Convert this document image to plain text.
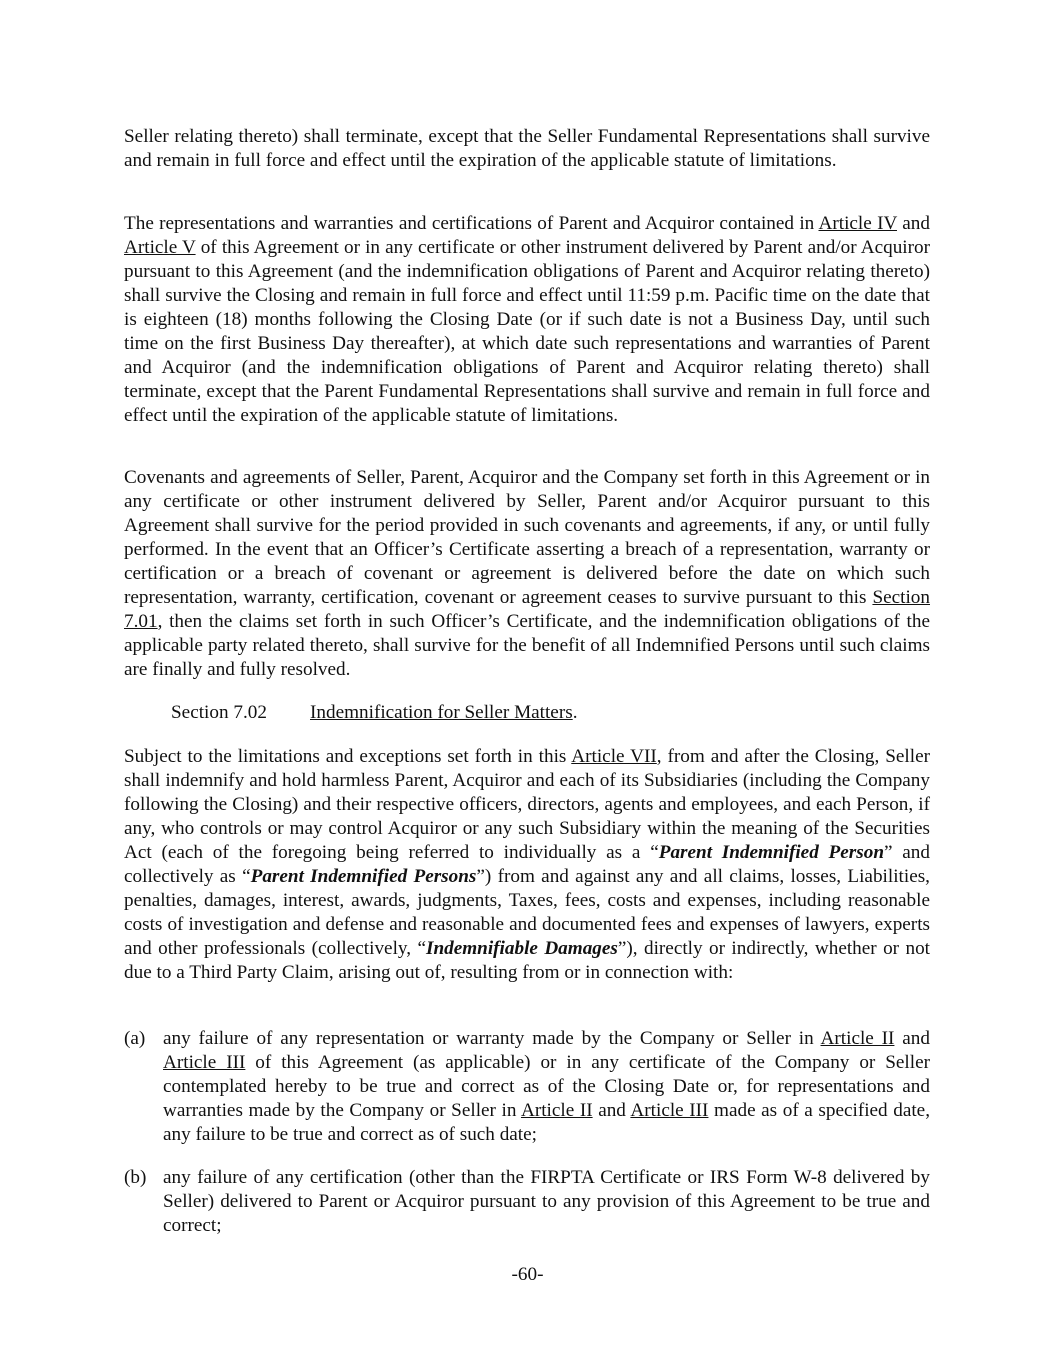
Seller relating thereto) shall terminate, except that the Seller Fundamental Representations shall survive and remain in full force and effect until the expiration of the applicable statute of limitations.

The representations and warranties and certifications of Parent and Acquiror contained in Article IV and Article V of this Agreement or in any certificate or other instrument delivered by Parent and/or Acquiror pursuant to this Agreement (and the indemnification obligations of Parent and Acquiror relating thereto) shall survive the Closing and remain in full force and effect until 11:59 p.m. Pacific time on the date that is eighteen (18) months following the Closing Date (or if such date is not a Business Day, until such time on the first Business Day thereafter), at which date such representations and warranties of Parent and Acquiror (and the indemnification obligations of Parent and Acquiror relating thereto) shall terminate, except that the Parent Fundamental Representations shall survive and remain in full force and effect until the expiration of the applicable statute of limitations.

Covenants and agreements of Seller, Parent, Acquiror and the Company set forth in this Agreement or in any certificate or other instrument delivered by Seller, Parent and/or Acquiror pursuant to this Agreement shall survive for the period provided in such covenants and agreements, if any, or until fully performed. In the event that an Officer’s Certificate asserting a breach of a representation, warranty or certification or a breach of covenant or agreement is delivered before the date on which such representation, warranty, certification, covenant or agreement ceases to survive pursuant to this Section 7.01, then the claims set forth in such Officer’s Certificate, and the indemnification obligations of the applicable party related thereto, shall survive for the benefit of all Indemnified Persons until such claims are finally and fully resolved.

Section 7.02 Indemnification for Seller Matters.

Subject to the limitations and exceptions set forth in this Article VII, from and after the Closing, Seller shall indemnify and hold harmless Parent, Acquiror and each of its Subsidiaries (including the Company following the Closing) and their respective officers, directors, agents and employees, and each Person, if any, who controls or may control Acquiror or any such Subsidiary within the meaning of the Securities Act (each of the foregoing being referred to individually as a “Parent Indemnified Person” and collectively as “Parent Indemnified Persons”) from and against any and all claims, losses, Liabilities, penalties, damages, interest, awards, judgments, Taxes, fees, costs and expenses, including reasonable costs of investigation and defense and reasonable and documented fees and expenses of lawyers, experts and other professionals (collectively, “Indemnifiable Damages”), directly or indirectly, whether or not due to a Third Party Claim, arising out of, resulting from or in connection with:

(a) any failure of any representation or warranty made by the Company or Seller in Article II and Article III of this Agreement (as applicable) or in any certificate of the Company or Seller contemplated hereby to be true and correct as of the Closing Date or, for representations and warranties made by the Company or Seller in Article II and Article III made as of a specified date, any failure to be true and correct as of such date;

(b) any failure of any certification (other than the FIRPTA Certificate or IRS Form W-8 delivered by Seller) delivered to Parent or Acquiror pursuant to any provision of this Agreement to be true and correct;

-60-
